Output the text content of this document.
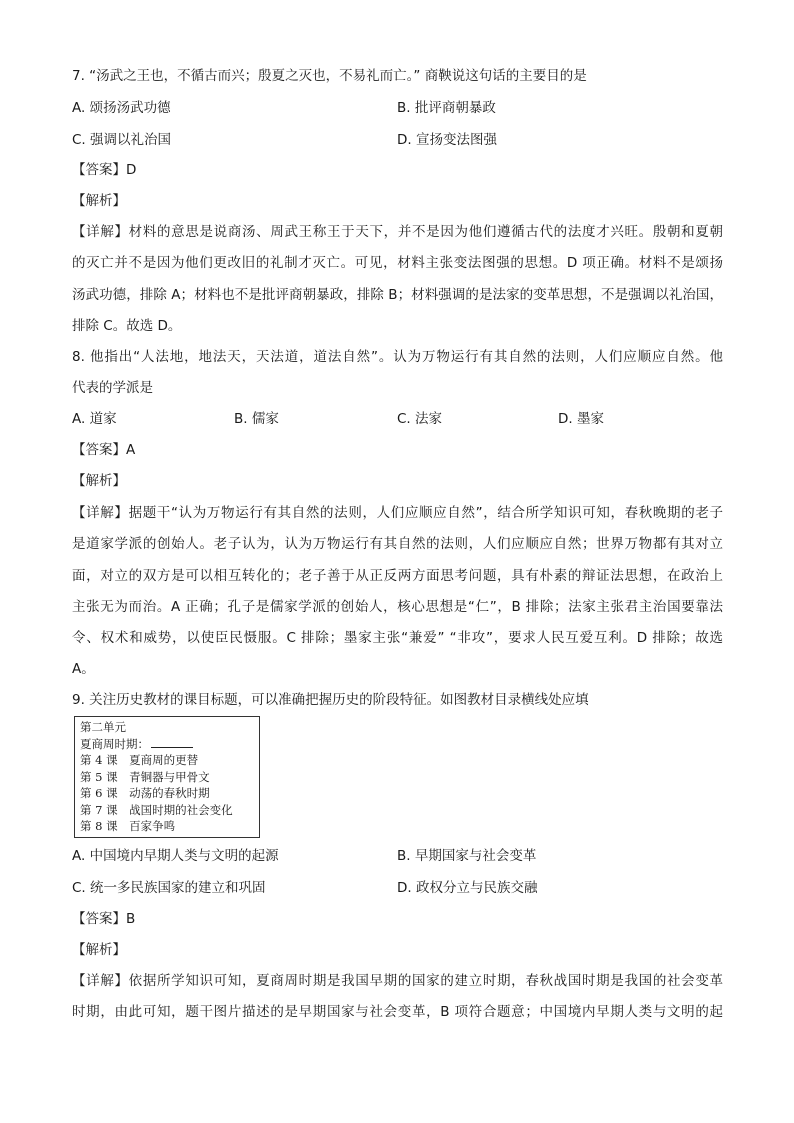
7. “汤武之王也，不循古而兴；殷夏之灭也，不易礼而亡。” 商鞅说这句话的主要目的是
A. 颂扬汤武功德	B. 批评商朝暴政
C. 强调以礼治国	D. 宣扬变法图强
【答案】D
【解析】
【详解】材料的意思是说商汤、周武王称王于天下，并不是因为他们遵循古代的法度才兴旺。殷朝和夏朝
的灭亡并不是因为他们更改旧的礼制才灭亡。可见，材料主张变法图强的思想。D 项正确。材料不是颂扬
汤武功德，排除 A；材料也不是批评商朝暴政，排除 B；材料强调的是法家的变革思想，不是强调以礼治国，
排除 C。故选 D。
8. 他指出“人法地，地法天，天法道，道法自然”。认为万物运行有其自然的法则，人们应顺应自然。他
代表的学派是
A. 道家	B. 儒家	C. 法家	D. 墨家
【答案】A
【解析】
【详解】据题干“认为万物运行有其自然的法则，人们应顺应自然”，结合所学知识可知，春秋晚期的老子
是道家学派的创始人。老子认为，认为万物运行有其自然的法则，人们应顺应自然；世界万物都有其对立
面，对立的双方是可以相互转化的；老子善于从正反两方面思考问题，具有朴素的辩证法思想，在政治上
主张无为而治。A 正确；孔子是儒家学派的创始人，核心思想是“仁”，B 排除；法家主张君主治国要靠法
令、权术和威势，以使臣民慑服。C 排除；墨家主张“兼爱” “非攻”，要求人民互爱互利。D 排除；故选
A。
9. 关注历史教材的课目标题，可以准确把握历史的阶段特征。如图教材目录横线处应填
第二单元
夏商周时期：
第 4 课　夏商周的更替
第 5 课　青铜器与甲骨文
第 6 课　动荡的春秋时期
第 7 课　战国时期的社会变化
第 8 课　百家争鸣
A. 中国境内早期人类与文明的起源	B. 早期国家与社会变革
C. 统一多民族国家的建立和巩固	D. 政权分立与民族交融
【答案】B
【解析】
【详解】依据所学知识可知，夏商周时期是我国早期的国家的建立时期，春秋战国时期是我国的社会变革
时期，由此可知，题干图片描述的是早期国家与社会变革，B 项符合题意；中国境内早期人类与文明的起
